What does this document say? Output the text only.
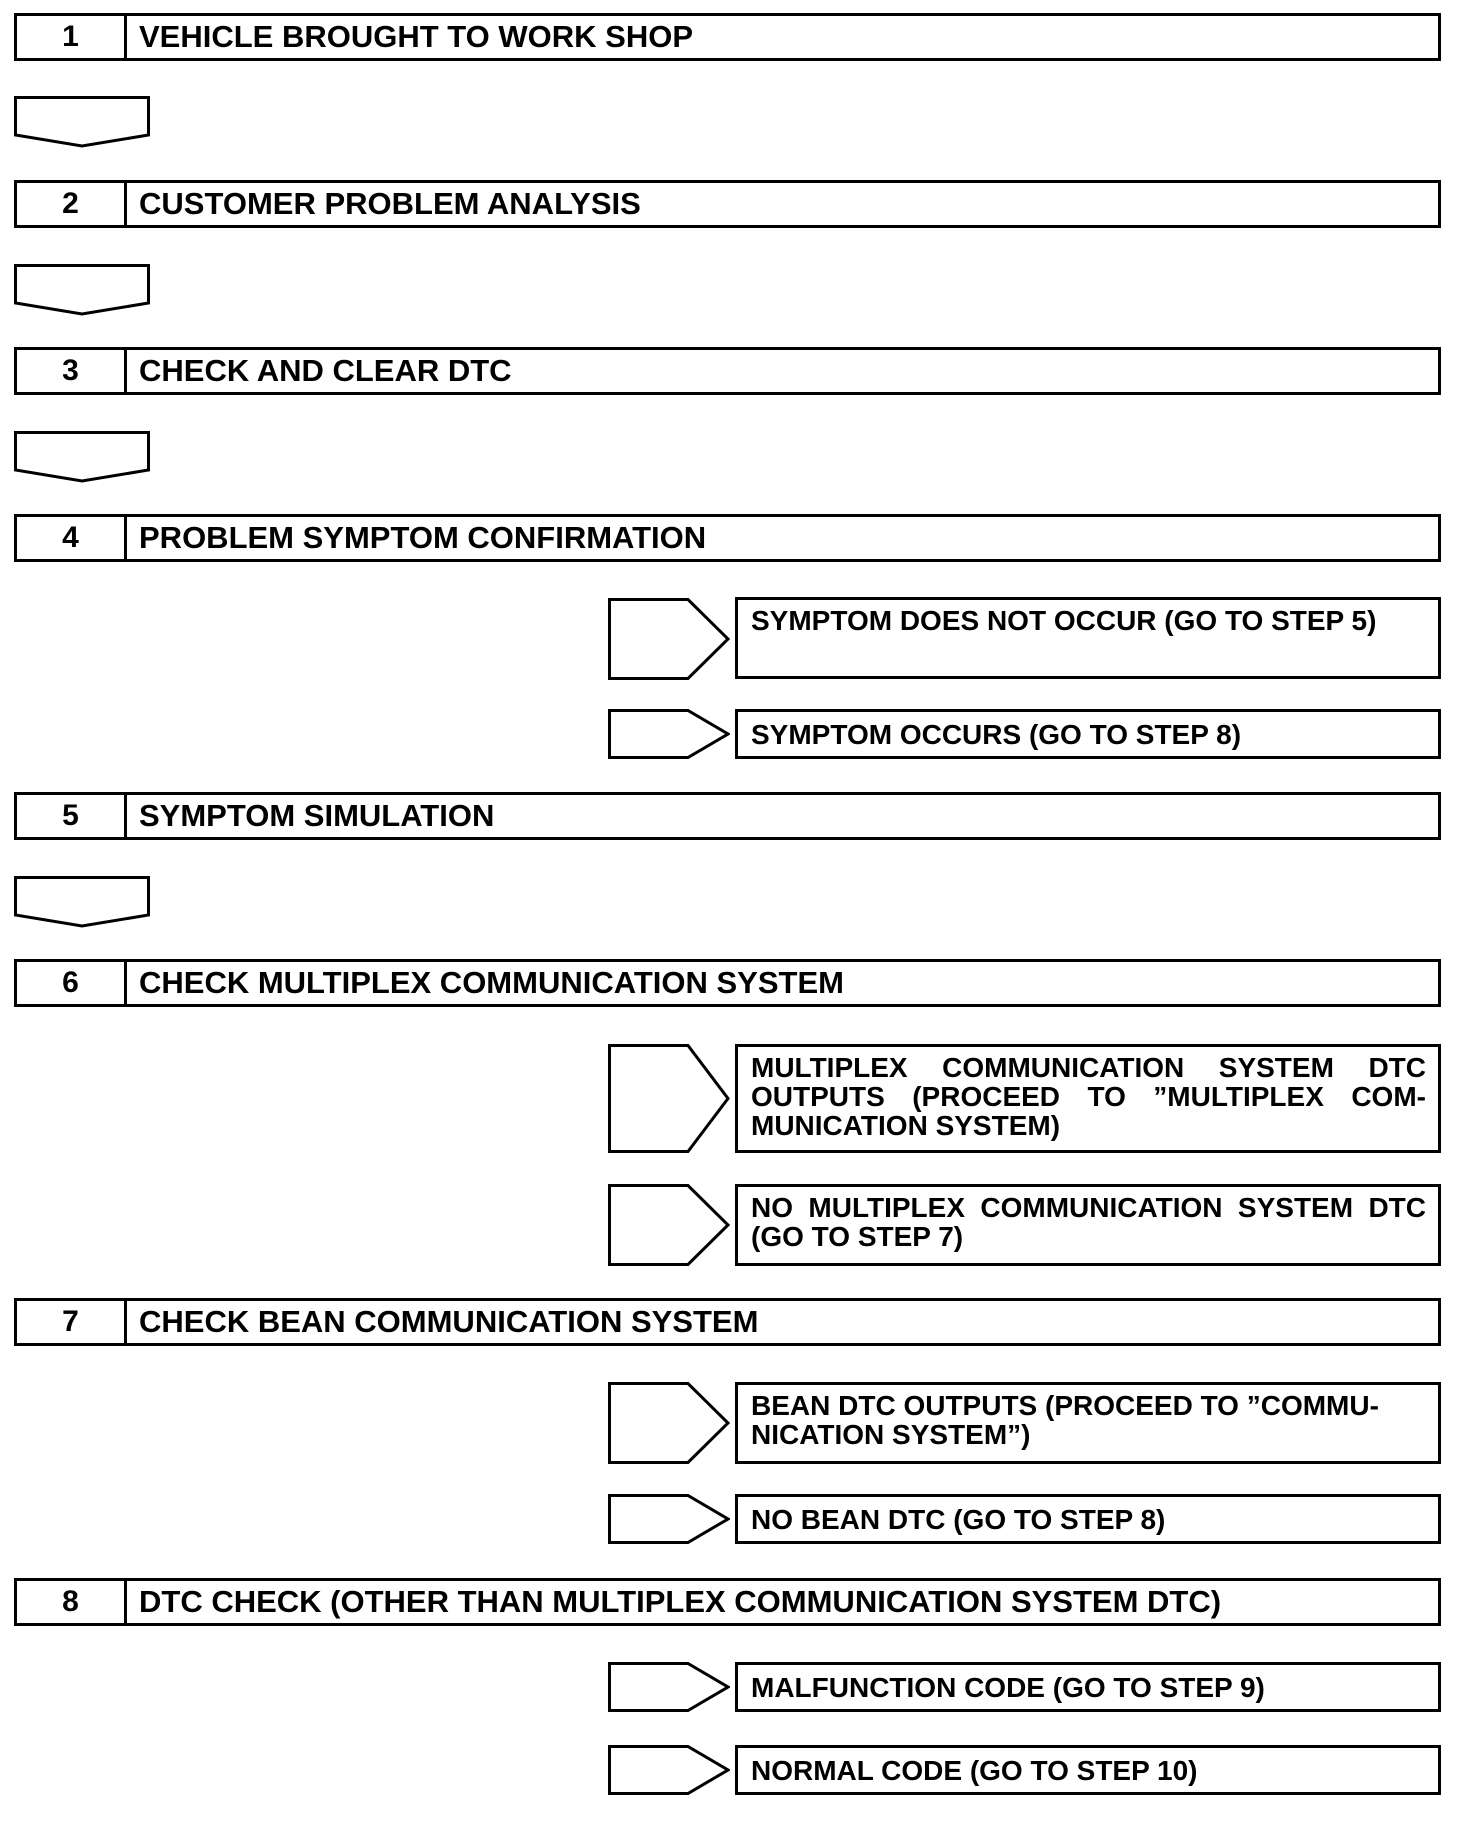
1	VEHICLE BROUGHT TO WORK SHOP
2	CUSTOMER PROBLEM ANALYSIS
3	CHECK AND CLEAR DTC
4	PROBLEM SYMPTOM CONFIRMATION
SYMPTOM DOES NOT OCCUR (GO TO STEP 5)
SYMPTOM OCCURS (GO TO STEP 8)
5	SYMPTOM SIMULATION
6	CHECK MULTIPLEX COMMUNICATION SYSTEM
MULTIPLEX COMMUNICATION SYSTEM DTC OUTPUTS (PROCEED TO ”MULTIPLEX COM- MUNICATION SYSTEM)
NO MULTIPLEX COMMUNICATION SYSTEM DTC (GO TO STEP 7)
7	CHECK BEAN COMMUNICATION SYSTEM
BEAN DTC OUTPUTS (PROCEED TO ”COMMU- NICATION SYSTEM”)
NO BEAN DTC (GO TO STEP 8)
8	DTC CHECK (OTHER THAN MULTIPLEX COMMUNICATION SYSTEM DTC)
MALFUNCTION CODE (GO TO STEP 9)
NORMAL CODE (GO TO STEP 10)
